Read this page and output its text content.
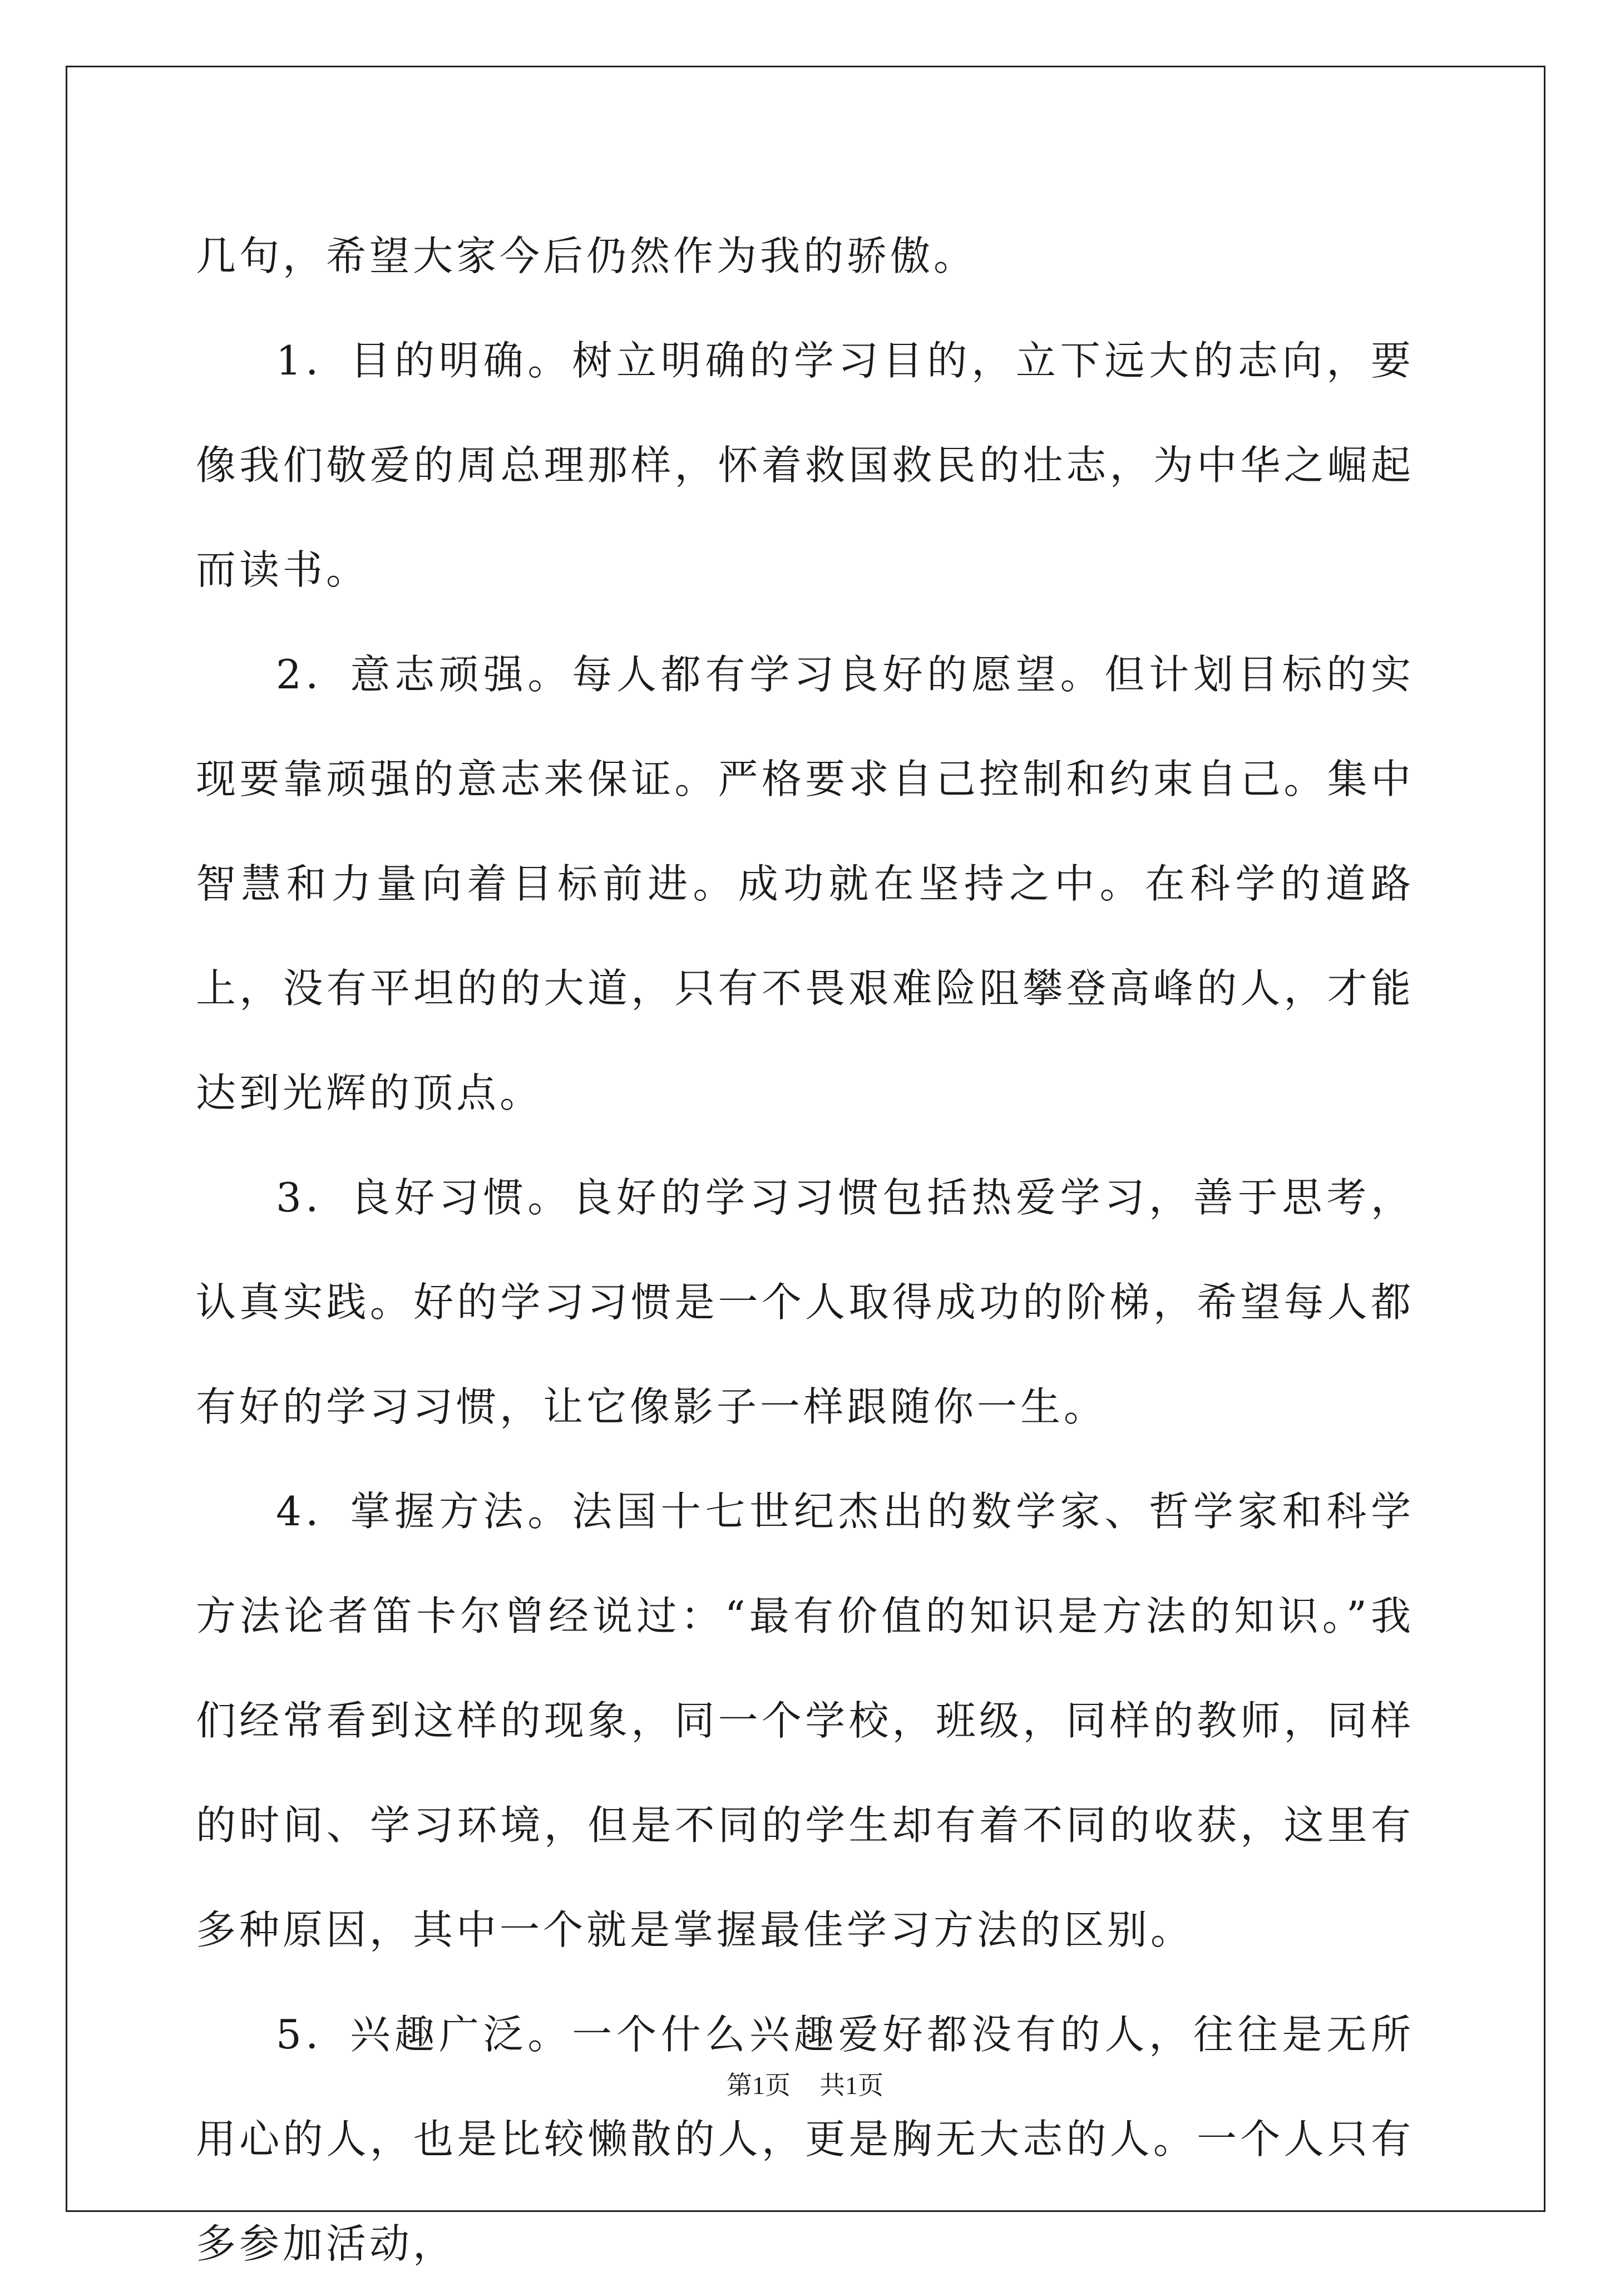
几句，希望大家今后仍然作为我的骄傲。

1．目的明确。树立明确的学习目的，立下远大的志向，要像我们敬爱的周总理那样，怀着救国救民的壮志，为中华之崛起而读书。

2．意志顽强。每人都有学习良好的愿望。但计划目标的实现要靠顽强的意志来保证。严格要求自己控制和约束自己。集中智慧和力量向着目标前进。成功就在坚持之中。在科学的道路上，没有平坦的的大道，只有不畏艰难险阻攀登高峰的人，才能达到光辉的顶点。

3．良好习惯。良好的学习习惯包括热爱学习，善于思考，认真实践。好的学习习惯是一个人取得成功的阶梯，希望每人都有好的学习习惯，让它像影子一样跟随你一生。

4．掌握方法。法国十七世纪杰出的数学家、哲学家和科学方法论者笛卡尔曾经说过：“最有价值的知识是方法的知识。”我们经常看到这样的现象，同一个学校，班级，同样的教师，同样的时间、学习环境，但是不同的学生却有着不同的收获，这里有多种原因，其中一个就是掌握最佳学习方法的区别。

5．兴趣广泛。一个什么兴趣爱好都没有的人，往往是无所用心的人，也是比较懒散的人，更是胸无大志的人。一个人只有多参加活动，

第1页 共1页
